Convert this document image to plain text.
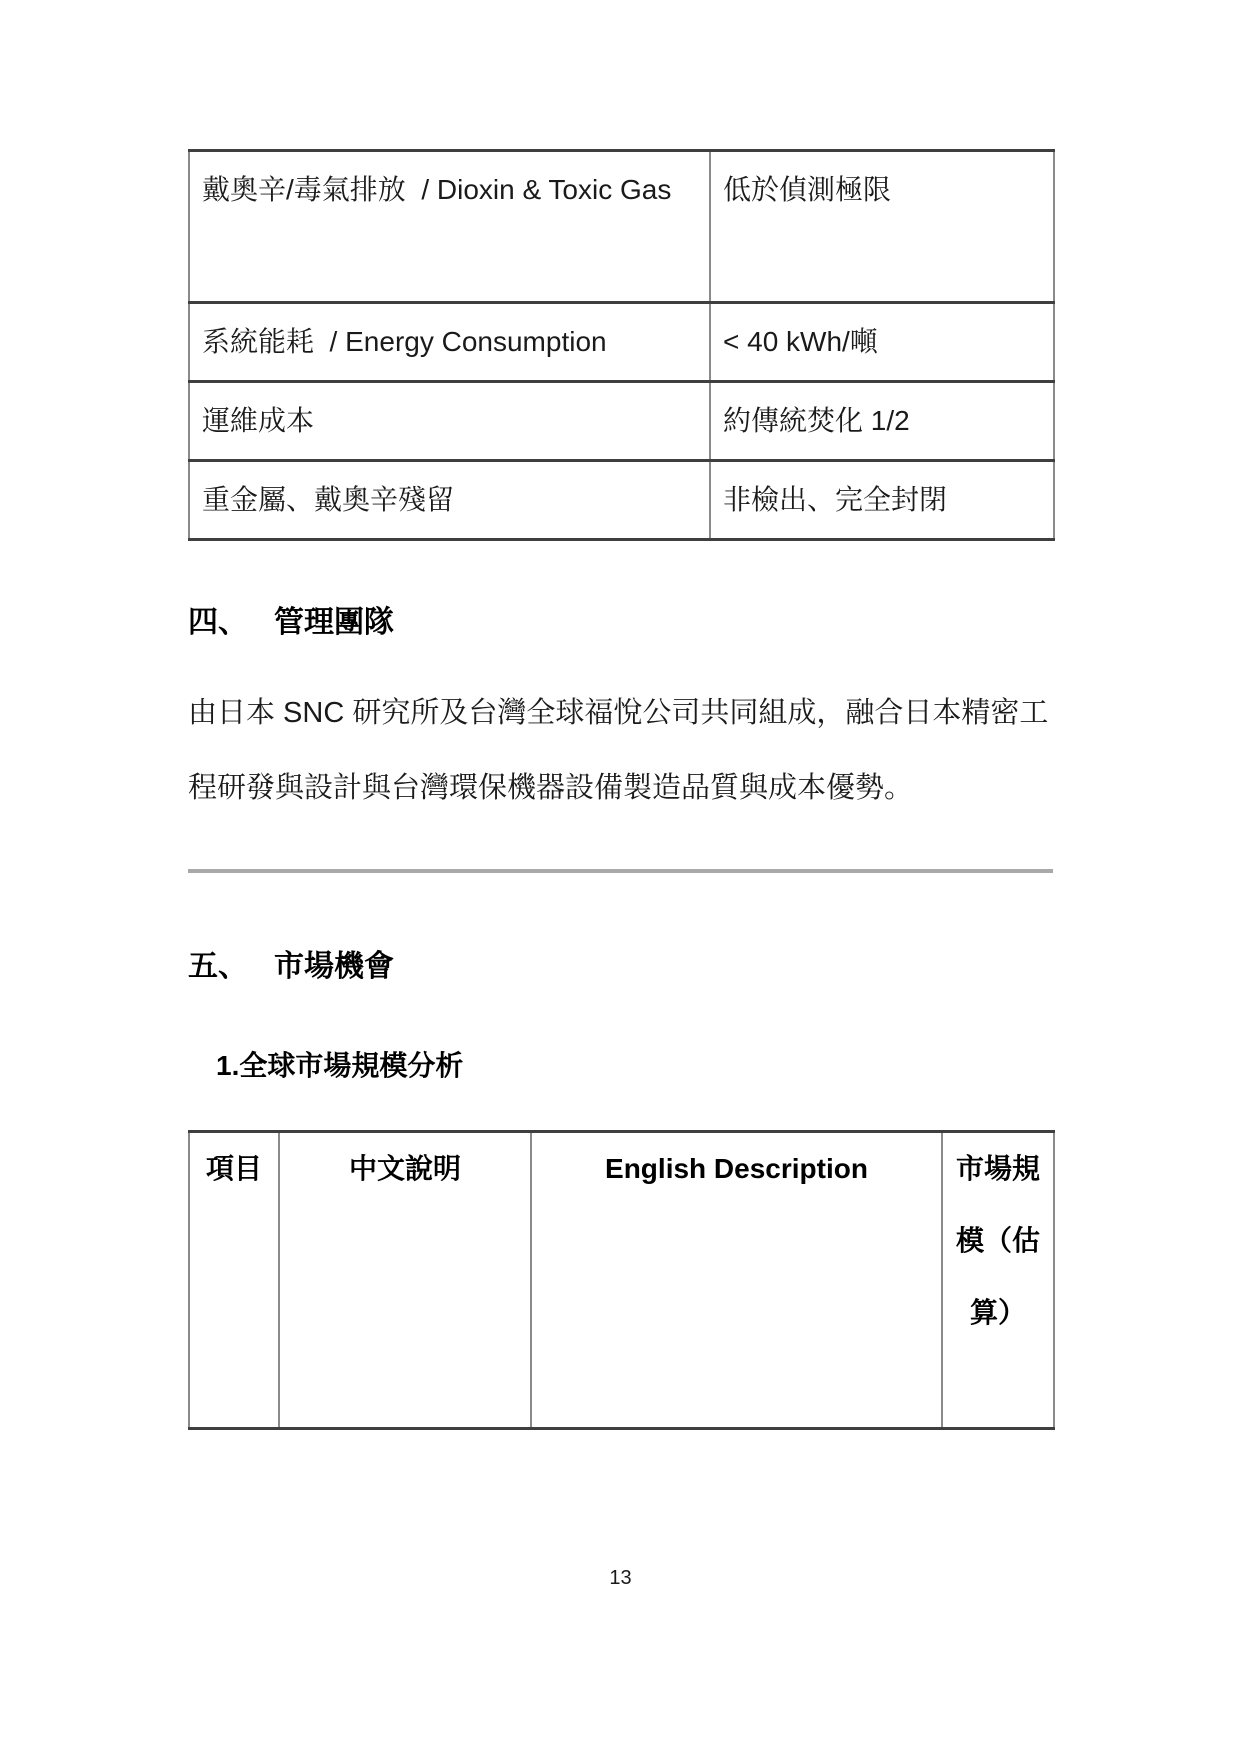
戴奧辛/毒氣排放  / Dioxin & Toxic Gas	低於偵測極限
系統能耗  / Energy Consumption	< 40 kWh/噸
運維成本	約傳統焚化 1/2
重金屬、戴奧辛殘留	非檢出、完全封閉
四、 管理團隊

由日本 SNC 研究所及台灣全球福悅公司共同組成，融合日本精密工程研發與設計與台灣環保機器設備製造品質與成本優勢。

五、 市場機會
1.全球市場規模分析
項目	中文說明	English Description	市場規模（估算）
13
